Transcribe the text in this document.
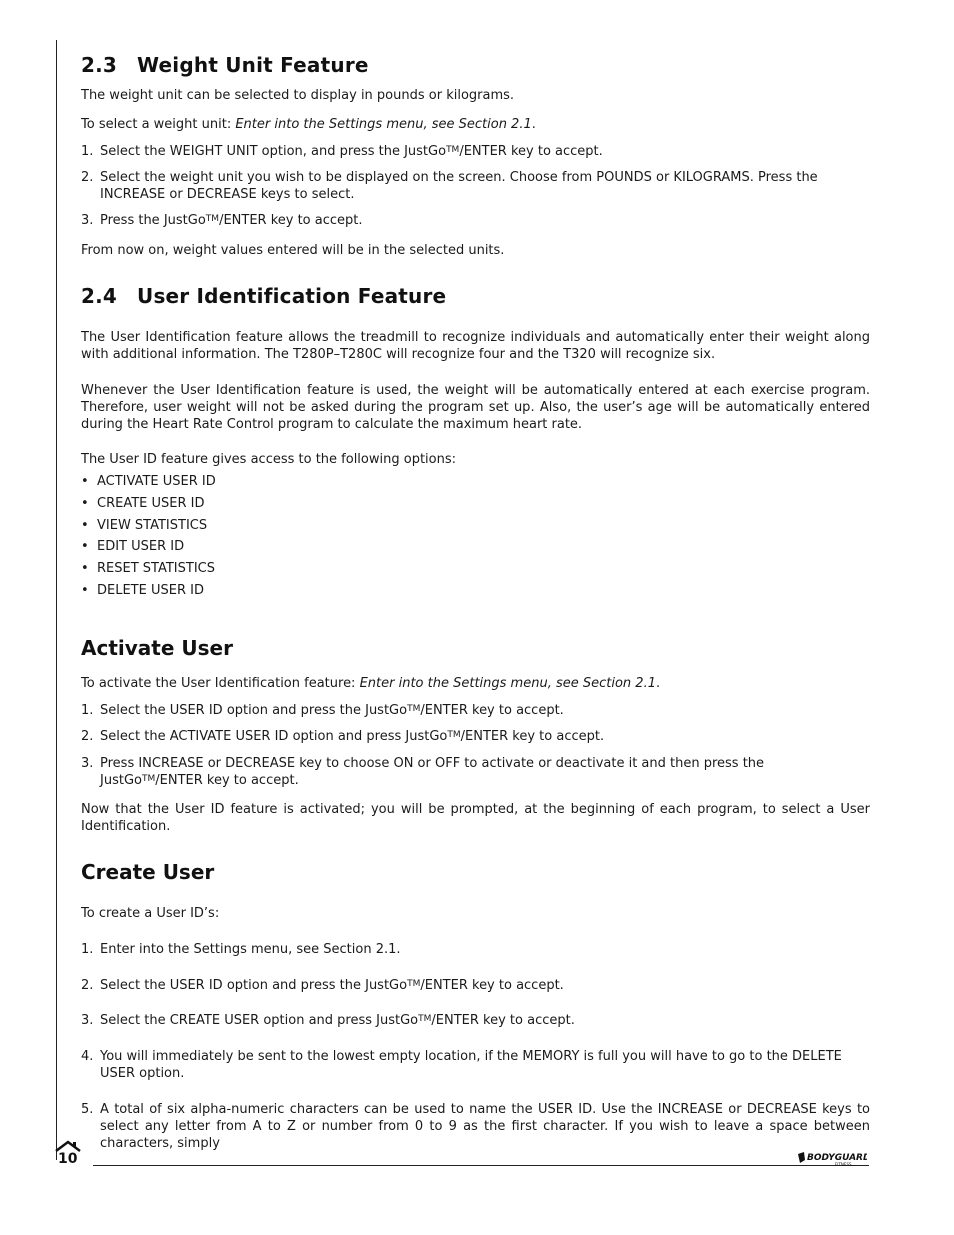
2.3 Weight Unit Feature

The weight unit can be selected to display in pounds or kilograms.

To select a weight unit: Enter into the Settings menu, see Section 2.1.

1. Select the WEIGHT UNIT option, and press the JustGo™/ENTER key to accept.

2. Select the weight unit you wish to be displayed on the screen. Choose from POUNDS or KILOGRAMS. Press the INCREASE or DECREASE keys to select.

3. Press the JustGo™/ENTER key to accept.

From now on, weight values entered will be in the selected units.

2.4 User Identification Feature

The User Identification feature allows the treadmill to recognize individuals and automatically enter their weight along with additional information. The T280P–T280C will recognize four and the T320 will recognize six.

Whenever the User Identification feature is used, the weight will be automatically entered at each exercise program. Therefore, user weight will not be asked during the program set up. Also, the user’s age will be automatically entered during the Heart Rate Control program to calculate the maximum heart rate.

The User ID feature gives access to the following options:

• ACTIVATE USER ID

• CREATE USER ID

• VIEW STATISTICS

• EDIT USER ID

• RESET STATISTICS

• DELETE USER ID

Activate User

To activate the User Identification feature: Enter into the Settings menu, see Section 2.1.

1. Select the USER ID option and press the JustGo™/ENTER key to accept.

2. Select the ACTIVATE USER ID option and press JustGo™/ENTER key to accept.

3. Press INCREASE or DECREASE key to choose ON or OFF to activate or deactivate it and then press the JustGo™/ENTER key to accept.

Now that the User ID feature is activated; you will be prompted, at the beginning of each program, to select a User Identification.

Create User

To create a User ID’s:

1. Enter into the Settings menu, see Section 2.1.

2. Select the USER ID option and press the JustGo™/ENTER key to accept.

3. Select the CREATE USER option and press JustGo™/ENTER key to accept.

4. You will immediately be sent to the lowest empty location, if the MEMORY is full you will have to go to the DELETE USER option.

5. A total of six alpha-numeric characters can be used to name the USER ID. Use the INCREASE or DECREASE keys to select any letter from A to Z or number from 0 to 9 as the first character. If you wish to leave a space between characters, simply

10	BODYGUARD
FITNESS
